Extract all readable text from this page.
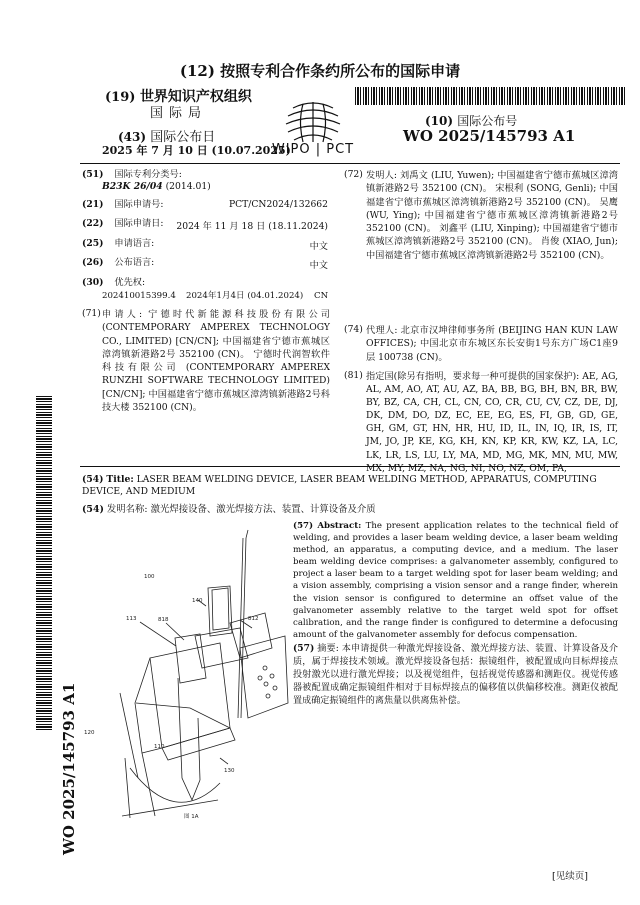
(12) 按照专利合作条约所公布的国际申请
(19) 世界知识产权组织
国际局
(43) 国际公布日
2025 年 7 月 10 日 (10.07.2025)
(10) 国际公布号
WO 2025/145793 A1
WIPO | PCT
(51) 国际专利分类号:
B23K 26/04 (2014.01)
(21) 国际申请号:	PCT/CN2024/132662
(22) 国际申请日:	2024 年 11 月 18 日 (18.11.2024)
(25) 申请语言:	中文
(26) 公布语言:	中文
(30) 优先权:
202410015399.4 2024年1月4日 (04.01.2024) CN
(71) 申请人: 宁德时代新能源科技股份有限公司 (CONTEMPORARY AMPEREX TECHNOLOGY CO., LIMITED) [CN/CN]; 中国福建省宁德市蕉城区漳湾镇新港路2号 352100 (CN)。 宁德时代润智软件科技有限公司 (CONTEMPORARY AMPEREX RUNZHI SOFTWARE TECHNOLOGY LIMITED) [CN/CN]; 中国福建省宁德市蕉城区漳湾镇新港路2号科技大楼 352100 (CN)。
(72) 发明人: 刘禹文 (LIU, Yuwen); 中国福建省宁德市蕉城区漳湾镇新港路2号 352100 (CN)。 宋根利 (SONG, Genli); 中国福建省宁德市蕉城区漳湾镇新港路2号 352100 (CN)。 吴鹰 (WU, Ying); 中国福建省宁德市蕉城区漳湾镇新港路2号 352100 (CN)。 刘鑫平 (LIU, Xinping); 中国福建省宁德市蕉城区漳湾镇新港路2号 352100 (CN)。 肖俊 (XIAO, Jun); 中国福建省宁德市蕉城区漳湾镇新港路2号 352100 (CN)。
(74) 代理人: 北京市汉坤律师事务所 (BEIJING HAN KUN LAW OFFICES); 中国北京市东城区东长安街1号东方广场C1座9层 100738 (CN)。
(81) 指定国(除另有指明，要求每一种可提供的国家保护): AE, AG, AL, AM, AO, AT, AU, AZ, BA, BB, BG, BH, BN, BR, BW, BY, BZ, CA, CH, CL, CN, CO, CR, CU, CV, CZ, DE, DJ, DK, DM, DO, DZ, EC, EE, EG, ES, FI, GB, GD, GE, GH, GM, GT, HN, HR, HU, ID, IL, IN, IQ, IR, IS, IT, JM, JO, JP, KE, KG, KH, KN, KP, KR, KW, KZ, LA, LC, LK, LR, LS, LU, LY, MA, MD, MG, MK, MN, MU, MW, MX, MY, MZ, NA, NG, NI, NO, NZ, OM, PA,
(54) Title: LASER BEAM WELDING DEVICE, LASER BEAM WELDING METHOD, APPARATUS, COMPUTING DEVICE, AND MEDIUM
(54) 发明名称: 激光焊接设备、激光焊接方法、装置、计算设备及介质
100
140
113	818	812
120
110
130
图 1A
(57) Abstract: The present application relates to the technical field of welding, and provides a laser beam welding device, a laser beam welding method, an apparatus, a computing device, and a medium. The laser beam welding device comprises: a galvanometer assembly, configured to project a laser beam to a target welding spot for laser beam welding; and a vision assembly, comprising a vision sensor and a range finder, wherein the vision sensor is configured to determine an offset value of the galvanometer assembly relative to the target weld spot for offset calibration, and the range finder is configured to determine a defocusing amount of the galvanometer assembly for defocus compensation.
(57) 摘要: 本申请提供一种激光焊接设备、激光焊接方法、装置、计算设备及介质，属于焊接技术领域。激光焊接设备包括：振镜组件，被配置成向目标焊接点投射激光以进行激光焊接；以及视觉组件，包括视觉传感器和测距仪。视觉传感器被配置成确定振镜组件相对于目标焊接点的偏移值以供偏移校准。测距仪被配置成确定振镜组件的离焦量以供离焦补偿。
WO 2025/145793 A1
[见续页]
